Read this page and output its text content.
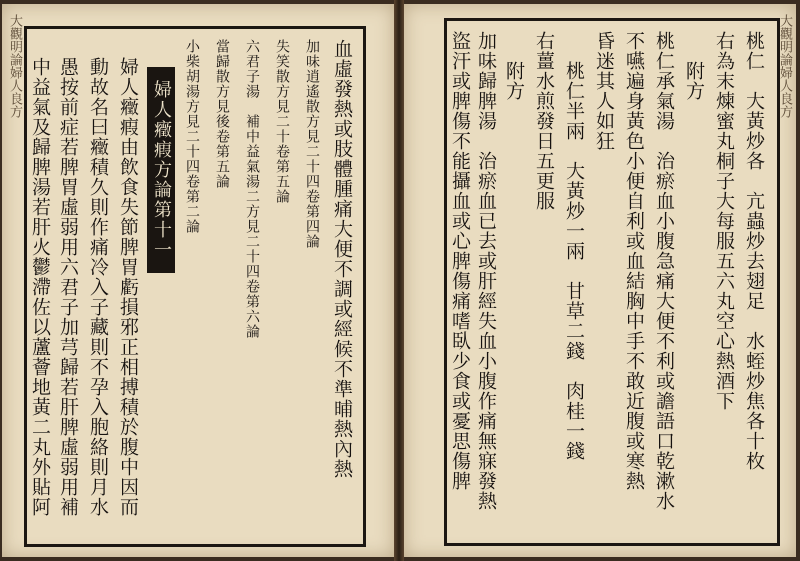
大觀明論婦人良方	血虛發熱或肢體腫痛大便不調或經候不準晡熱內熱
加味逍遙散方見二十四卷第四論
失笑散方見二十卷第五論
六君子湯　補中益氣湯二方見二十四卷第六論
當歸散方見後卷第五論
小柴胡湯方見二十四卷第二論
婦人癥瘕方論第十一
婦人癥瘕由飲食失節脾胃虧損邪正相搏積於腹中因而
動故名曰癥積久則作痛冷入子藏則不孕入胞絡則月水
愚按前症若脾胃虛弱用六君子加芎歸若肝脾虛弱用補
中益氣及歸脾湯若肝火鬱滯佐以蘆薈地黃二丸外貼阿	大觀明論婦人良方
桃仁　大黃炒各　亢蟲炒去翅足　水蛭炒焦各十枚
右為末煉蜜丸桐子大每服五六丸空心熱酒下
附方
桃仁承氣湯　治瘀血小腹急痛大便不利或譫語口乾漱水
不嚥遍身黃色小便自利或血結胸中手不敢近腹或寒熱
昏迷其人如狂
桃仁半兩　大黃炒一兩　甘草二錢　肉桂一錢
右薑水煎發日五更服
附方
加味歸脾湯　治瘀血已去或肝經失血小腹作痛無寐發熱
盜汗或脾傷不能攝血或心脾傷痛嗜臥少食或憂思傷脾
